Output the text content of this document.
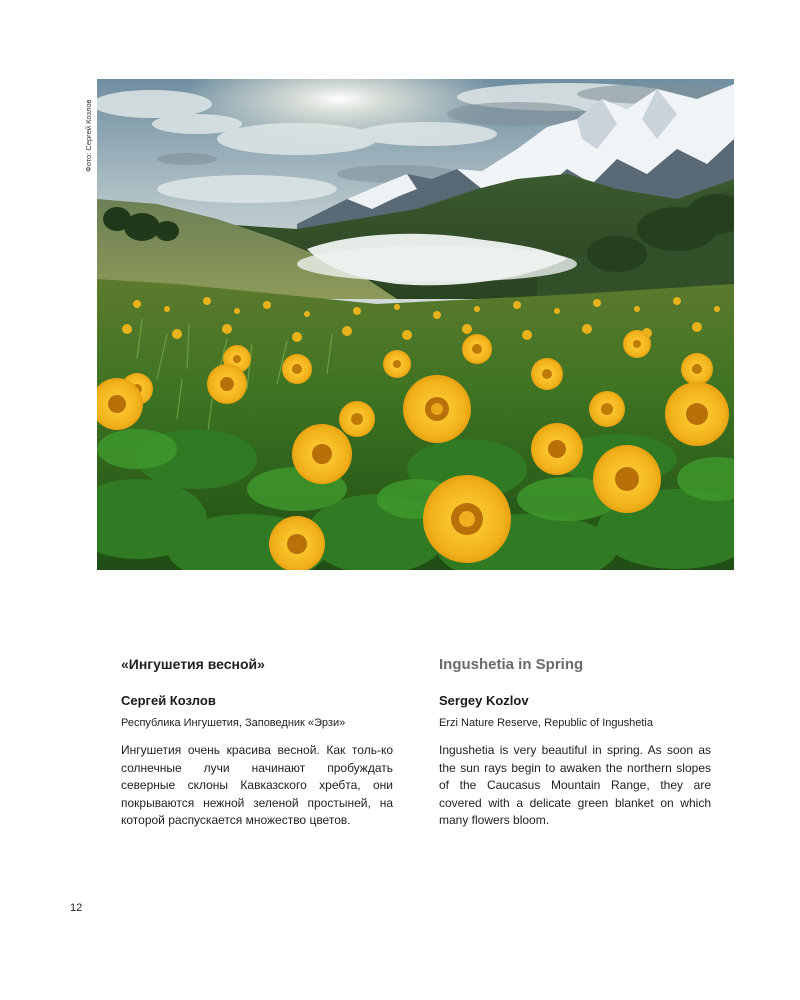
Фото: Сергей Козлов
«Ингушетия весной»
Сергей Козлов
Республика Ингушетия, Заповедник «Эрзи»

Ингушетия очень красива весной. Как толь-ко солнечные лучи начинают пробуждать северные склоны Кавказского хребта, они покрываются нежной зеленой простыней, на которой распускается множество цветов.

Ingushetia in Spring
Sergey Kozlov
Erzi Nature Reserve, Republic of Ingushetia

Ingushetia is very beautiful in spring. As soon as the sun rays begin to awaken the northern slopes of the Caucasus Mountain Range, they are covered with a delicate green blanket on which many flowers bloom.

12
